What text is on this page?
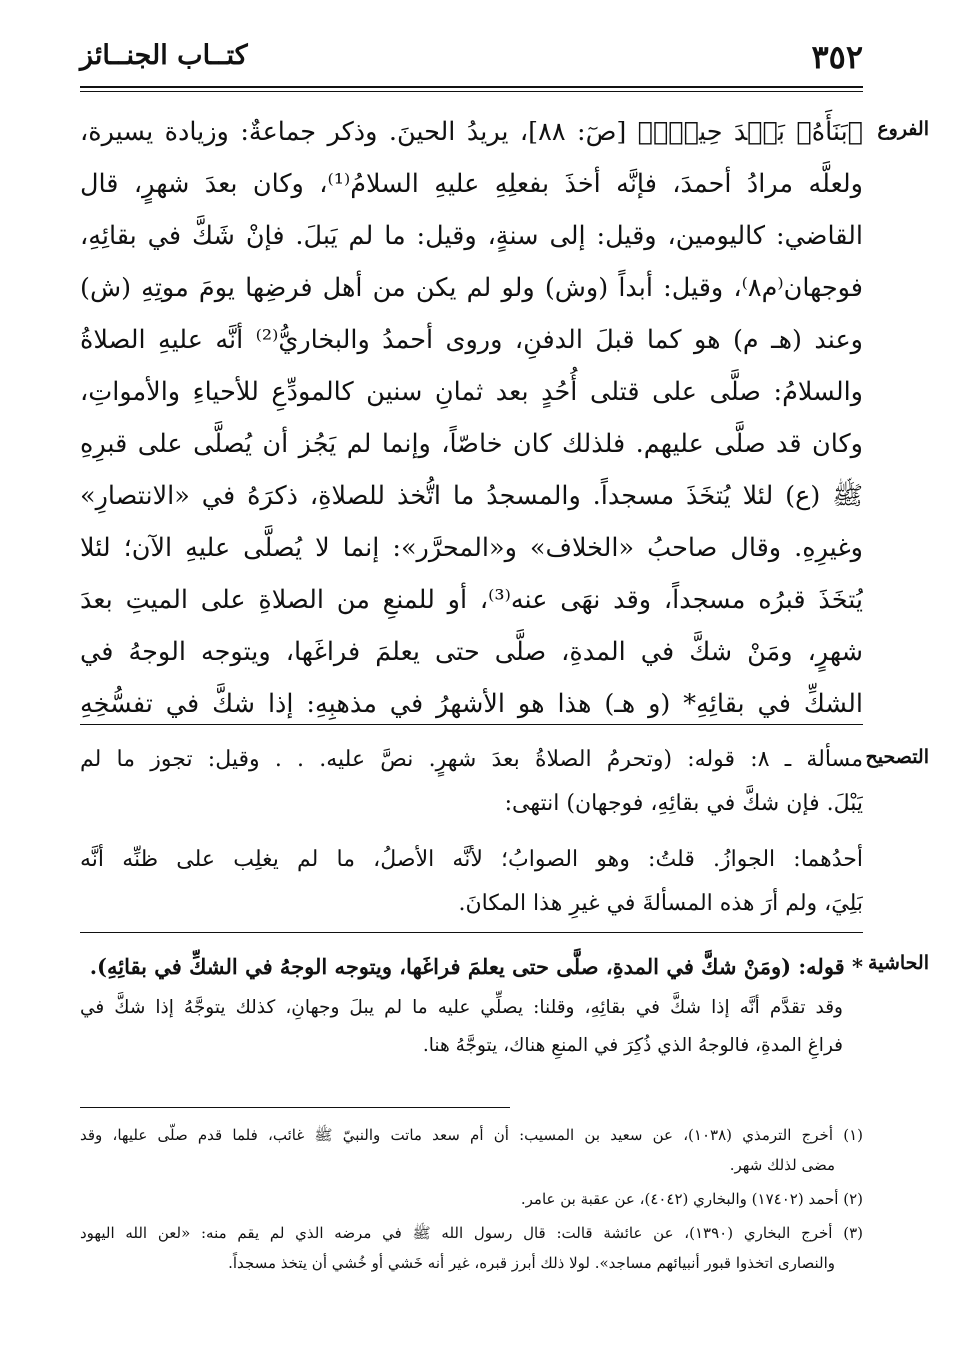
٣٥٢
كتــاب الجنــائز
الفروع
﴿بَنَأَهُۥ بَعۡدَ حِينِۢ﴾ [صٓ: ٨٨]، يريدُ الحينَ. وذكر جماعةٌ: وزيادة يسيرة،
ولعلَّه مرادُ أحمدَ، فإنَّه أخذَ بفعلِهِ عليهِ السلامُ⁽¹⁾، وكان بعدَ شهرٍ، قال
القاضي: كاليومين، وقيل: إلى سنةٍ، وقيل: ما لم يَبلَ. فإنْ شَكَّ في بقائِهِ،
فوجهان⁽م٨⁾، وقيل: أبداً (وش) ولو لم يكن من أهل فرضِها يومَ موتِهِ (ش)
وعند (هـ م) هو كما قبلَ الدفنِ، وروى أحمدُ والبخاريُّ⁽²⁾ أنَّه عليهِ الصلاةُ
والسلامُ: صلَّى على قتلى أُحُدٍ بعد ثمانِ سنين كالمودِّعِ للأحياءِ والأمواتِ،
وكان قد صلَّى عليهم. فلذلك كان خاصّاً، وإنما لم يَجُز أن يُصلَّى على قبرِهِ
ﷺ (ع) لئلا يُتخَذَ مسجداً. والمسجدُ ما اتُّخذ للصلاةِ، ذكرَهُ في «الانتصارِ»
وغيرِهِ. وقال صاحبُ «الخلاف» و«المحرَّر»: إنما لا يُصلَّى عليهِ الآن؛ لئلا
يُتخَذَ قبرُه مسجداً، وقد نهَى عنه⁽³⁾، أو للمنعِ من الصلاةِ على الميتِ بعدَ
شهرٍ، ومَنْ شكَّ في المدةِ، صلَّى حتى يعلمَ فراغَها، ويتوجه الوجهُ في
الشكِّ في بقائِهِ* (و هـ) هذا هو الأشهرُ في مذهبِهِ: إذا شكَّ في تفسُّخِهِ
التصحيح
مسألة ـ ٨: قوله: (وتحرمُ الصلاةُ بعدَ شهرٍ. نصَّ عليه. . . وقيل: تجوز ما لم
يَبْلَ. فإن شكَّ في بقائِهِ، فوجهان) انتهى:
أحدُهما: الجوازُ. قلتُ: وهو الصوابُ؛ لأنَّه الأصلُ، ما لم يغلِب على ظنِّه أنَّه
بَلِيَ، ولم أرَ هذه المسألةَ في غيرِ هذا المكانَ.
الحاشية
* قوله: (ومَنْ شكَّ في المدةِ، صلَّى حتى يعلمَ فراغَها، ويتوجه الوجهُ في الشكِّ في بقائِهِ).
وقد تقدَّم أنَّه إذا شكَّ في بقائِهِ، وقلنا: يصلِّي عليه ما لم يبلَ وجهانِ، كذلك يتوجَّهُ إذا شكَّ في
فراغِ المدةِ، فالوجهُ الذي ذُكِرَ في المنعِ هناك، يتوجَّهُ هنا.
(١) أخرج الترمذي (١٠٣٨)، عن سعيد بن المسيب: أن أم سعد ماتت والنبيّ ﷺ غائب، فلما قدم صلّى عليها، وقد
مضى لذلك شهر.
(٢) أحمد (١٧٤٠٢) والبخاري (٤٠٤٢)، عن عقبة بن عامر.
(٣) أخرج البخاري (١٣٩٠)، عن عائشة قالت: قال رسول الله ﷺ في مرضه الذي لم يقم منه: «لعن الله اليهود
والنصارى اتخذوا قبور أنبيائهم مساجد». لولا ذلك أبرز قبره، غير أنه خَشي أو خُشي أن يتخذ مسجداً.
